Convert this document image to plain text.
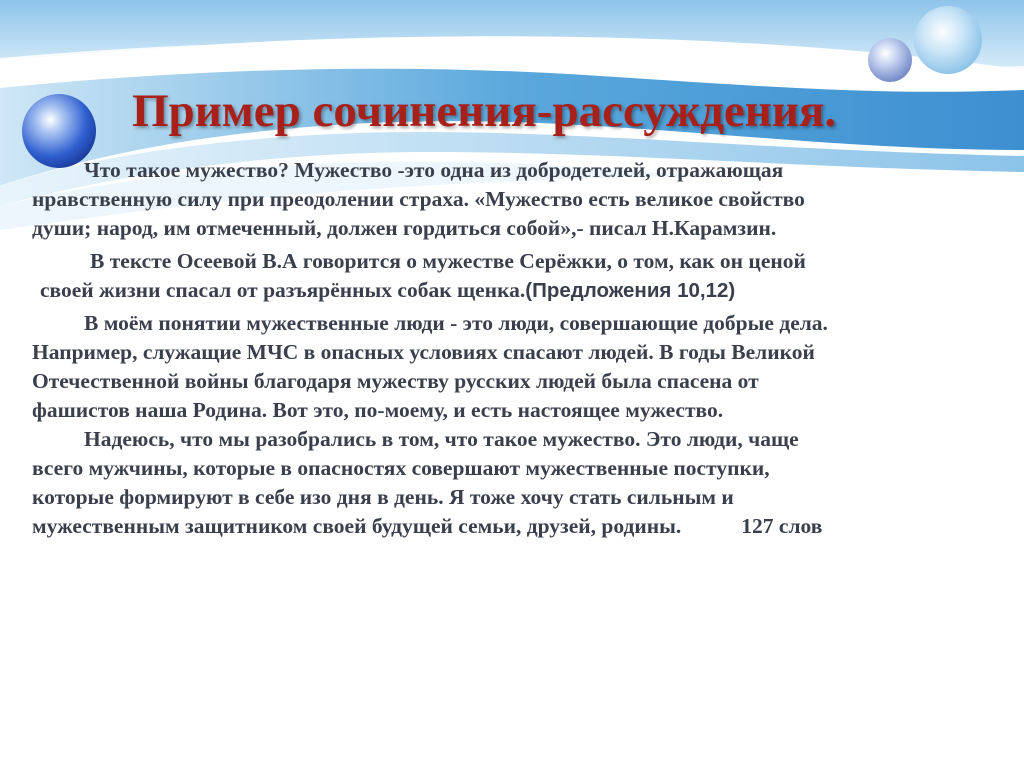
Пример сочинения-рассуждения.
Что такое мужество? Мужество -это одна из добродетелей, отражающая
нравственную силу при преодолении страха. «Мужество есть великое свойство
души; народ, им отмеченный, должен гордиться собой»,- писал Н.Карамзин.
В тексте Осеевой В.А говорится о мужестве Серёжки, о том, как он ценой
своей жизни спасал от разъярённых собак щенка.(Предложения 10,12)
В моём понятии мужественные люди - это люди, совершающие добрые дела.
Например, служащие МЧС в опасных условиях спасают людей. В годы Великой
Отечественной войны благодаря мужеству русских людей была спасена от
фашистов наша Родина. Вот это, по-моему, и есть настоящее мужество.
Надеюсь, что мы разобрались в том, что такое мужество. Это люди, чаще
всего мужчины, которые в опасностях совершают мужественные поступки,
которые формируют в себе изо дня в день. Я тоже хочу стать сильным и
мужественным защитником своей будущей семьи, друзей, родины.	127 слов
